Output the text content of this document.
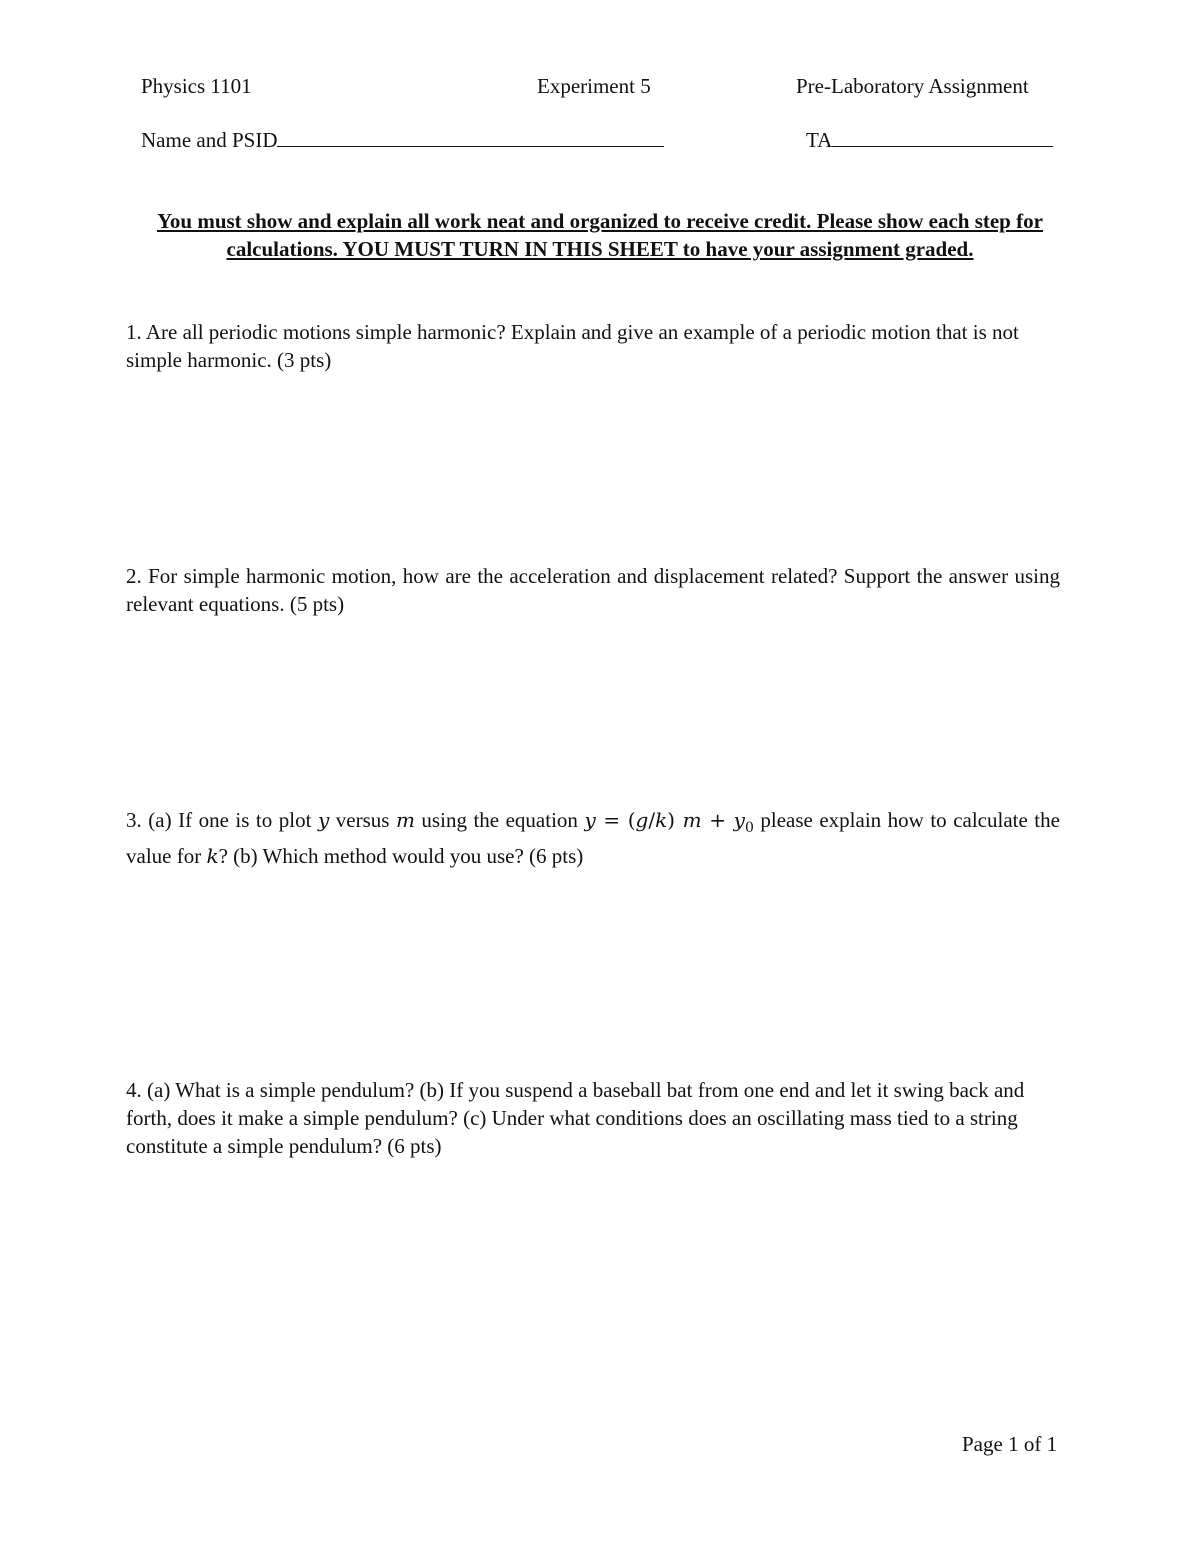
Physics 1101	Experiment 5	Pre-Laboratory Assignment
Name and PSID	TA
You must show and explain all work neat and organized to receive credit. Please show each step for calculations. YOU MUST TURN IN THIS SHEET to have your assignment graded.
1. Are all periodic motions simple harmonic? Explain and give an example of a periodic motion that is not simple harmonic. (3 pts)
2. For simple harmonic motion, how are the acceleration and displacement related? Support the answer using relevant equations. (5 pts)
3. (a) If one is to plot y versus m using the equation y = (g/k) $m + y_0$ please explain how to calculate the value for k? (b) Which method would you use? (6 pts)
4. (a) What is a simple pendulum? (b) If you suspend a baseball bat from one end and let it swing back and forth, does it make a simple pendulum? (c) Under what conditions does an oscillating mass tied to a string constitute a simple pendulum? (6 pts)
Page 1 of 1
